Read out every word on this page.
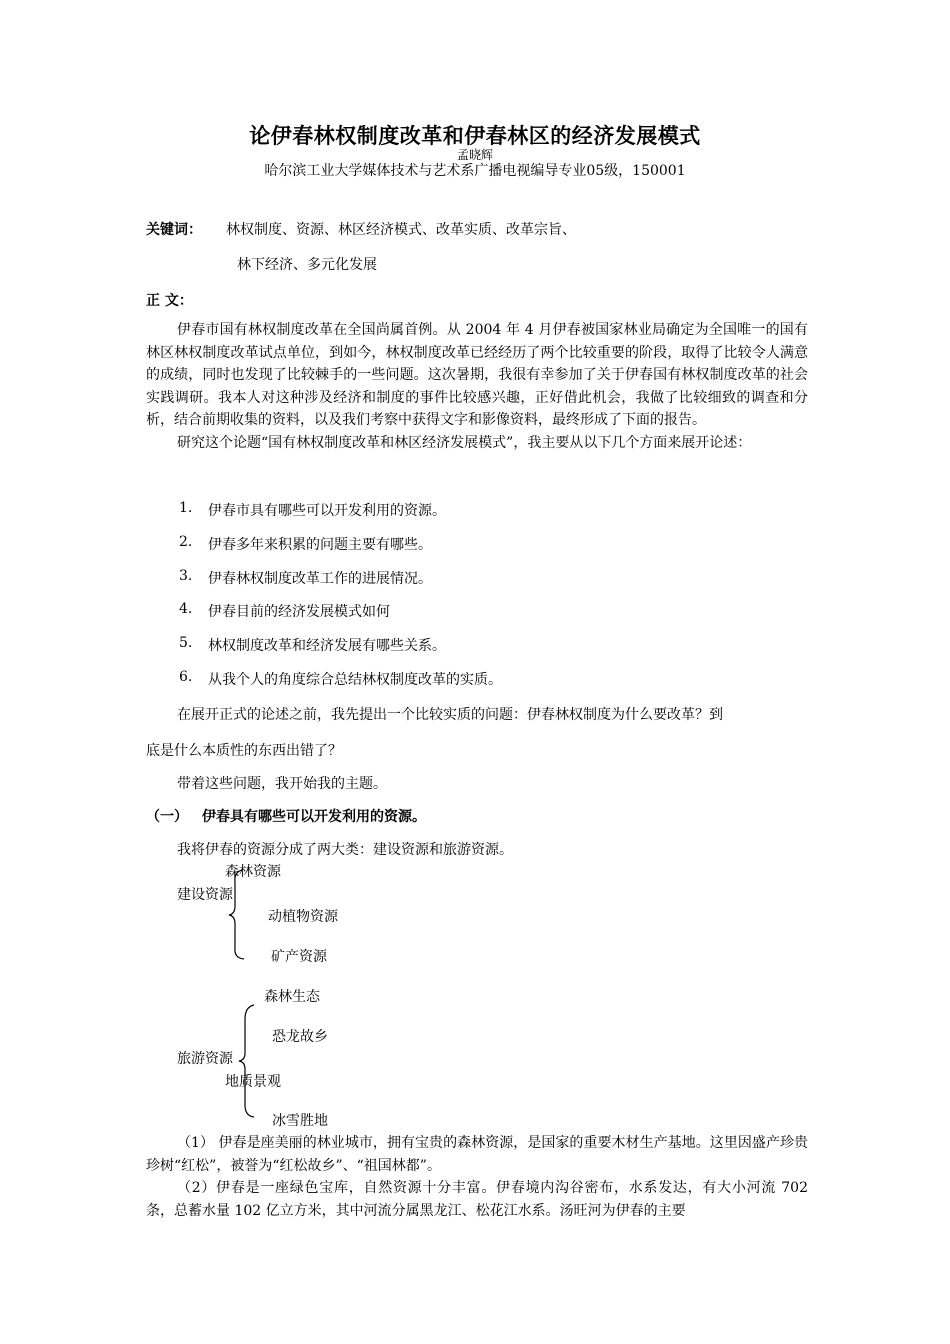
论伊春林权制度改革和伊春林区的经济发展模式
孟晓辉
哈尔滨工业大学媒体技术与艺术系广播电视编导专业05级，150001
关键词： 林权制度、资源、林区经济模式、改革实质、改革宗旨、
林下经济、多元化发展
正 文：

伊春市国有林权制度改革在全国尚属首例。从 2004 年 4 月伊春被国家林业局确定为全国唯一的国有林区林权制度改革试点单位，到如今，林权制度改革已经经历了两个比较重要的阶段，取得了比较令人满意的成绩，同时也发现了比较棘手的一些问题。这次暑期，我很有幸参加了关于伊春国有林权制度改革的社会实践调研。我本人对这种涉及经济和制度的事件比较感兴趣，正好借此机会，我做了比较细致的调查和分析，结合前期收集的资料，以及我们考察中获得文字和影像资料，最终形成了下面的报告。

研究这个论题“国有林权制度改革和林区经济发展模式”，我主要从以下几个方面来展开论述：

1. 伊春市具有哪些可以开发利用的资源。
2. 伊春多年来积累的问题主要有哪些。
3. 伊春林权制度改革工作的进展情况。
4. 伊春目前的经济发展模式如何
5. 林权制度改革和经济发展有哪些关系。
6. 从我个人的角度综合总结林权制度改革的实质。
在展开正式的论述之前，我先提出一个比较实质的问题：伊春林权制度为什么要改革？到
底是什么本质性的东西出错了？
带着这些问题，我开始我的主题。
（一） 伊春具有哪些可以开发利用的资源。
我将伊春的资源分成了两大类：建设资源和旅游资源。
森林资源
建设资源
动植物资源
矿产资源
森林生态
恐龙故乡
旅游资源
地质景观
冰雪胜地

（1） 伊春是座美丽的林业城市，拥有宝贵的森林资源，是国家的重要木材生产基地。这里因盛产珍贵珍树“红松”，被誉为“红松故乡”、“祖国林都”。

（2）伊春是一座绿色宝库，自然资源十分丰富。伊春境内沟谷密布，水系发达，有大小河流 702 条，总蓄水量 102 亿立方米，其中河流分属黑龙江、松花江水系。汤旺河为伊春的主要
